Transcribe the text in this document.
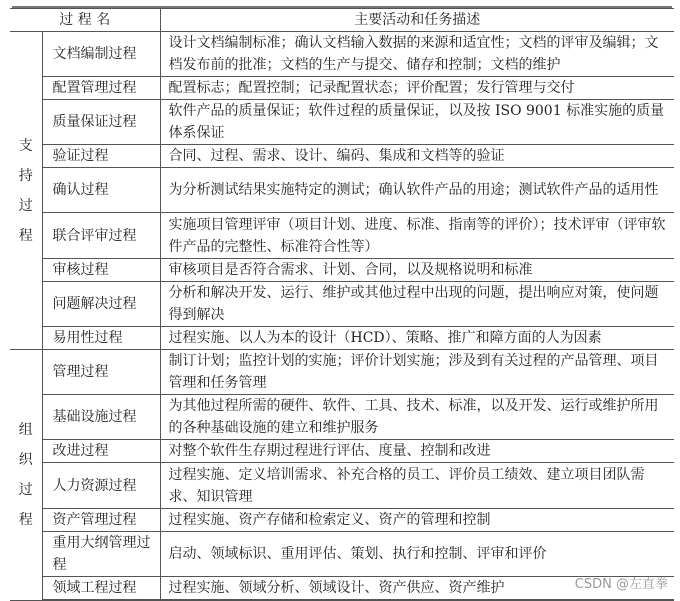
过 程 名		主要活动和任务描述

支
持
过
程	文档编制过程	设计文档编制标准；确认文档输入数据的来源和适宜性；文档的评审及编辑；文档发布前的批准；文档的生产与提交、储存和控制；文档的维护
	配置管理过程	配置标志；配置控制；记录配置状态；评价配置；发行管理与交付
	质量保证过程	软件产品的质量保证；软件过程的质量保证，以及按 ISO 9001 标准实施的质量体系保证
	验证过程	合同、过程、需求、设计、编码、集成和文档等的验证
	确认过程	为分析测试结果实施特定的测试；确认软件产品的用途；测试软件产品的适用性
	联合评审过程	实施项目管理评审（项目计划、进度、标准、指南等的评价）；技术评审（评审软件产品的完整性、标准符合性等）
	审核过程	审核项目是否符合需求、计划、合同，以及规格说明和标准
	问题解决过程	分析和解决开发、运行、维护或其他过程中出现的问题，提出响应对策，使问题得到解决
	易用性过程	过程实施、以人为本的设计（HCD）、策略、推广和障方面的人为因素

组
织
过
程	管理过程	制订计划；监控计划的实施；评价计划实施；涉及到有关过程的产品管理、项目管理和任务管理
	基础设施过程	为其他过程所需的硬件、软件、工具、技术、标准，以及开发、运行或维护所用的各种基础设施的建立和维护服务
	改进过程	对整个软件生存期过程进行评估、度量、控制和改进
	人力资源过程	过程实施、定义培训需求、补充合格的员工、评价员工绩效、建立项目团队需求、知识管理
	资产管理过程	过程实施、资产存储和检索定义、资产的管理和控制
	重用大纲管理过程	启动、领域标识、重用评估、策划、执行和控制、评审和评价
	领域工程过程	过程实施、领域分析、领域设计、资产供应、资产维护	CSDN @左直拳
